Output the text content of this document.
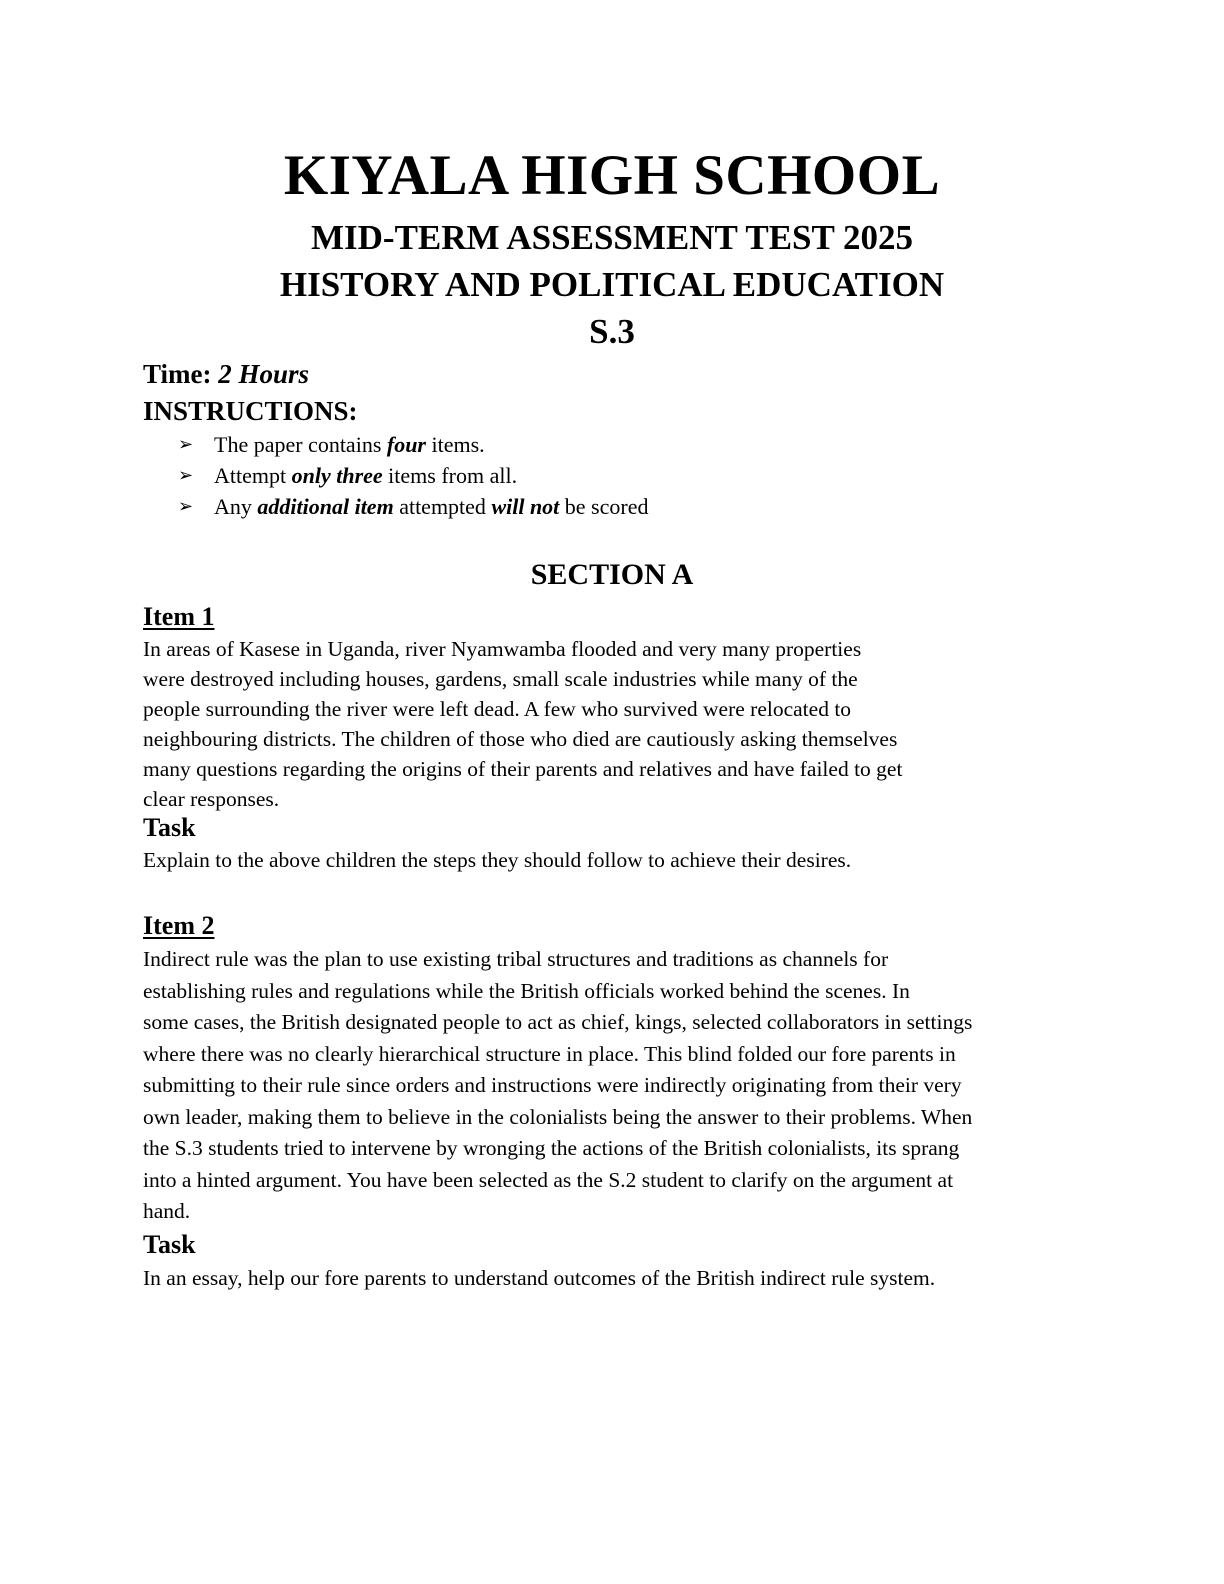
KIYALA HIGH SCHOOL
MID-TERM ASSESSMENT TEST 2025
HISTORY AND POLITICAL EDUCATION
S.3
Time: 2 Hours
INSTRUCTIONS:
➢ The paper contains four items.
➢ Attempt only three items from all.
➢ Any additional item attempted will not be scored
SECTION A
Item 1
In areas of Kasese in Uganda, river Nyamwamba flooded and very many properties
were destroyed including houses, gardens, small scale industries while many of the
people surrounding the river were left dead. A few who survived were relocated to
neighbouring districts. The children of those who died are cautiously asking themselves
many questions regarding the origins of their parents and relatives and have failed to get
clear responses.
Task
Explain to the above children the steps they should follow to achieve their desires.
Item 2
Indirect rule was the plan to use existing tribal structures and traditions as channels for
establishing rules and regulations while the British officials worked behind the scenes. In
some cases, the British designated people to act as chief, kings, selected collaborators in settings
where there was no clearly hierarchical structure in place. This blind folded our fore parents in
submitting to their rule since orders and instructions were indirectly originating from their very
own leader, making them to believe in the colonialists being the answer to their problems. When
the S.3 students tried to intervene by wronging the actions of the British colonialists, its sprang
into a hinted argument. You have been selected as the S.2 student to clarify on the argument at
hand.
Task
In an essay, help our fore parents to understand outcomes of the British indirect rule system.
